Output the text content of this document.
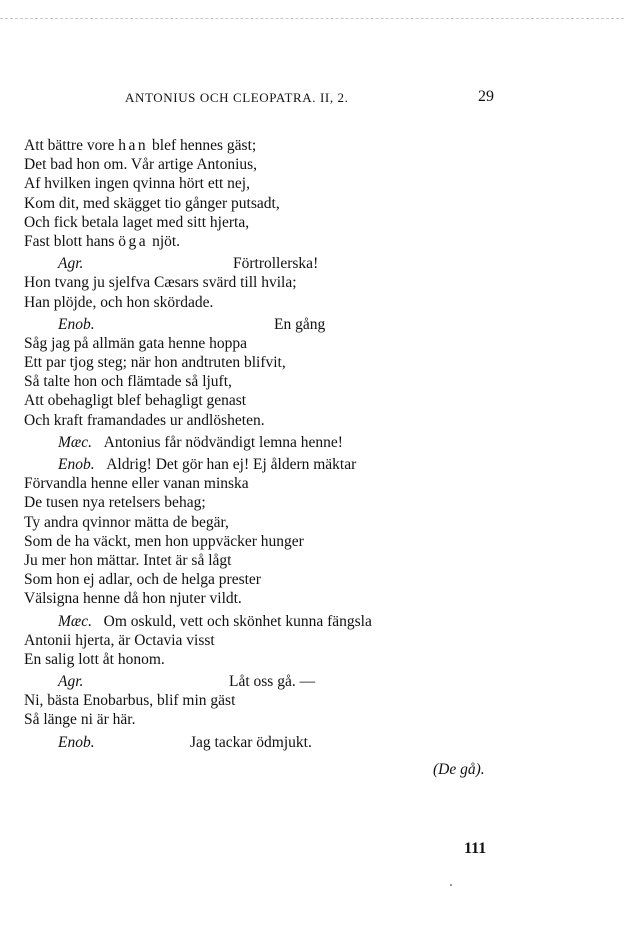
ANTONIUS OCH CLEOPATRA. II, 2.	29
Att bättre vore han blef hennes gäst;
Det bad hon om. Vår artige Antonius,
Af hvilken ingen qvinna hört ett nej,
Kom dit, med skägget tio gånger putsadt,
Och fick betala laget med sitt hjerta,
Fast blott hans öga njöt.
Agr.	Förtrollerska!
Hon tvang ju sjelfva Cæsars svärd till hvila;
Han plöjde, och hon skördade.
Enob.	En gång
Såg jag på allmän gata henne hoppa
Ett par tjog steg; när hon andtruten blifvit,
Så talte hon och flämtade så ljuft,
Att obehagligt blef behagligt genast
Och kraft framandades ur andlösheten.
Mæc. Antonius får nödvändigt lemna henne!
Enob. Aldrig! Det gör han ej! Ej åldern mäktar
Förvandla henne eller vanan minska
De tusen nya retelsers behag;
Ty andra qvinnor mätta de begär,
Som de ha väckt, men hon uppväcker hunger
Ju mer hon mättar. Intet är så lågt
Som hon ej adlar, och de helga prester
Välsigna henne då hon njuter vildt.
Mæc. Om oskuld, vett och skönhet kunna fängsla
Antonii hjerta, är Octavia visst
En salig lott åt honom.
Agr.	Låt oss gå. —
Ni, bästa Enobarbus, blif min gäst
Så länge ni är här.
Enob.	Jag tackar ödmjukt.
(De gå).
111
